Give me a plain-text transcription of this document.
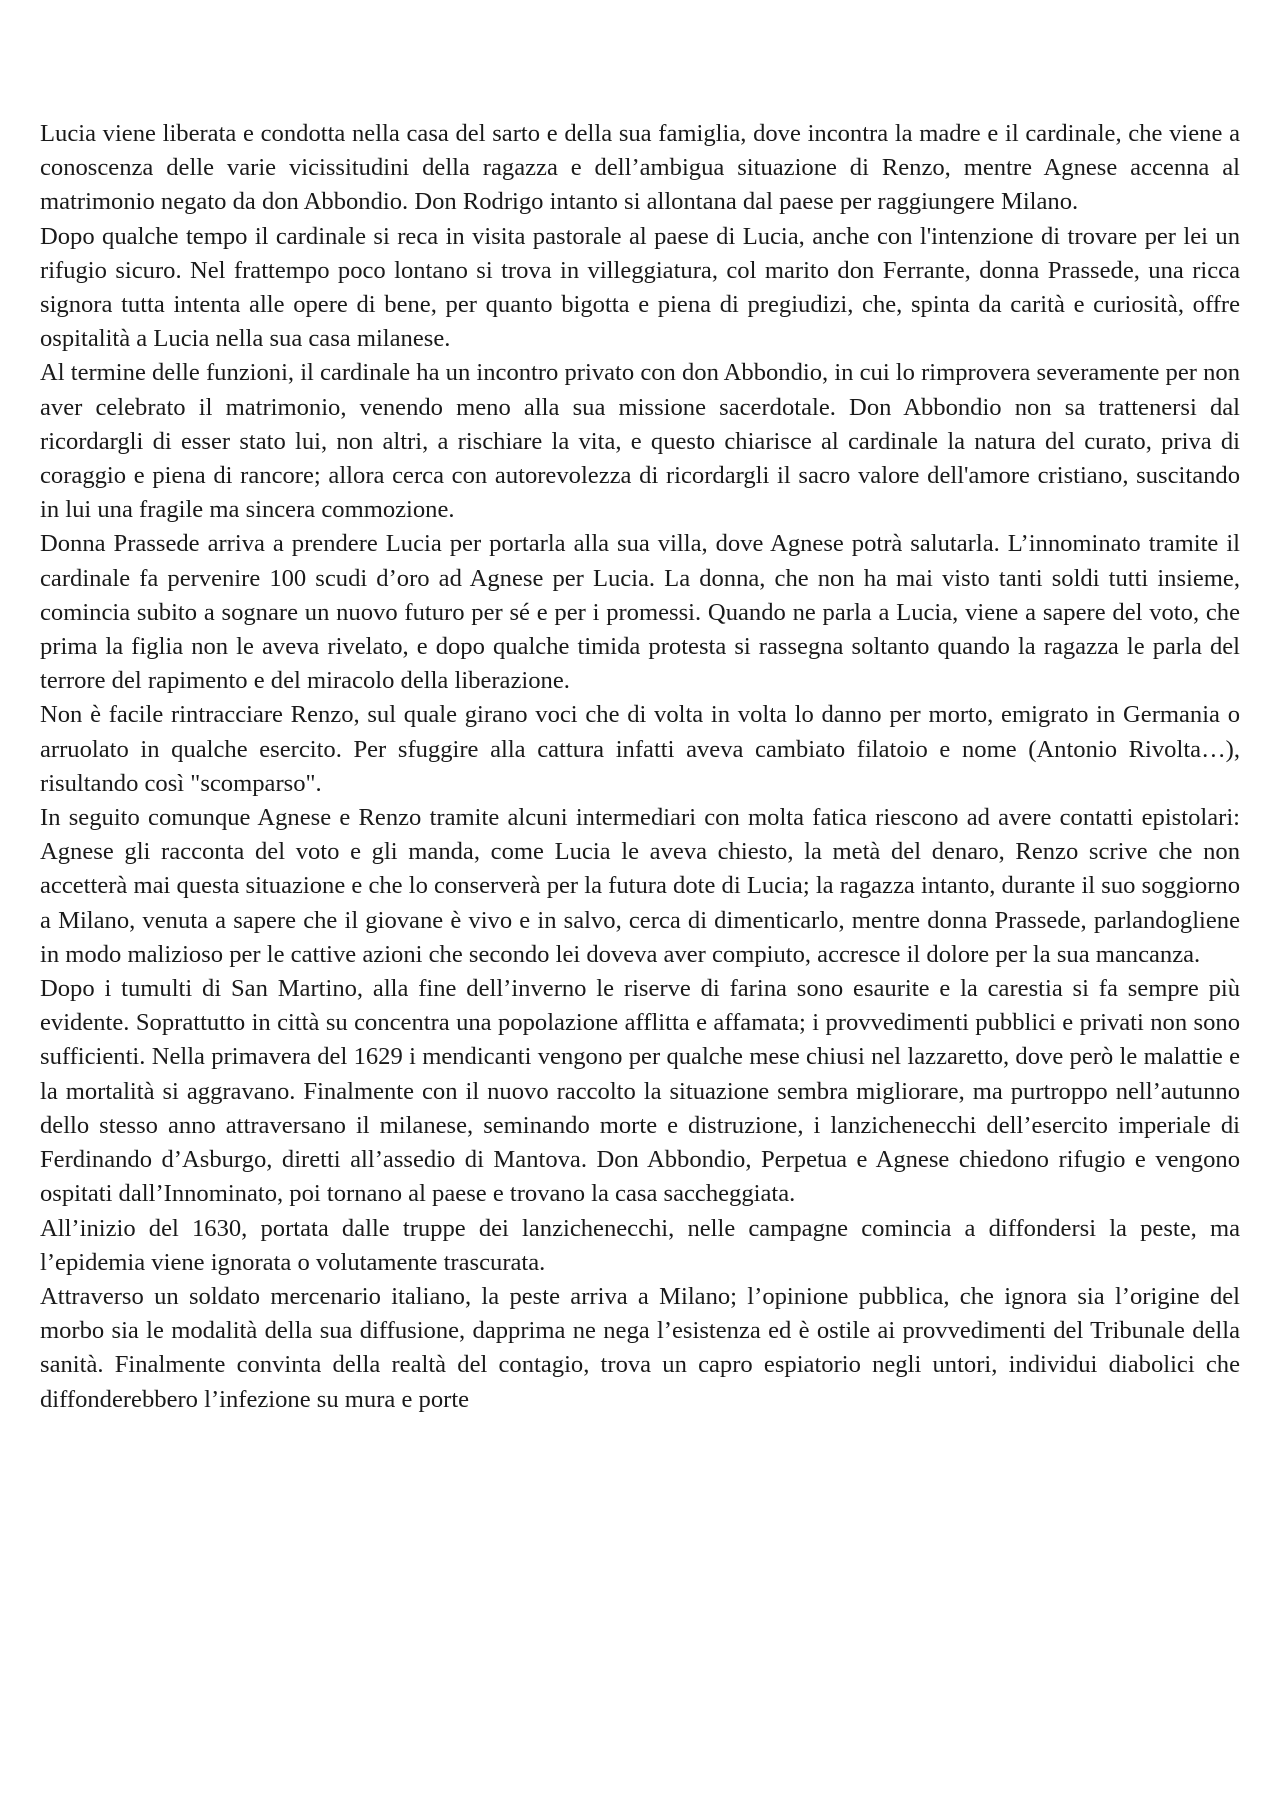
Lucia viene liberata e condotta nella casa del sarto e della sua famiglia, dove incontra la madre e il cardinale, che viene a conoscenza delle varie vicissitudini della ragazza e dell’ambigua situazione di Renzo, mentre Agnese accenna al matrimonio negato da don Abbondio. Don Rodrigo intanto si allontana dal paese per raggiungere Milano.

Dopo qualche tempo il cardinale si reca in visita pastorale al paese di Lucia, anche con l'intenzione di trovare per lei un rifugio sicuro. Nel frattempo poco lontano si trova in villeggiatura, col marito don Ferrante, donna Prassede, una ricca signora tutta intenta alle opere di bene, per quanto bigotta e piena di pregiudizi, che, spinta da carità e curiosità, offre ospitalità a Lucia nella sua casa milanese.

Al termine delle funzioni, il cardinale ha un incontro privato con don Abbondio, in cui lo rimprovera severamente per non aver celebrato il matrimonio, venendo meno alla sua missione sacerdotale. Don Abbondio non sa trattenersi dal ricordargli di esser stato lui, non altri, a rischiare la vita, e questo chiarisce al cardinale la natura del curato, priva di coraggio e piena di rancore; allora cerca con autorevolezza di ricordargli il sacro valore dell'amore cristiano, suscitando in lui una fragile ma sincera commozione.

Donna Prassede arriva a prendere Lucia per portarla alla sua villa, dove Agnese potrà salutarla. L’innominato tramite il cardinale fa pervenire 100 scudi d’oro ad Agnese per Lucia. La donna, che non ha mai visto tanti soldi tutti insieme, comincia subito a sognare un nuovo futuro per sé e per i promessi. Quando ne parla a Lucia, viene a sapere del voto, che prima la figlia non le aveva rivelato, e dopo qualche timida protesta si rassegna soltanto quando la ragazza le parla del terrore del rapimento e del miracolo della liberazione.

Non è facile rintracciare Renzo, sul quale girano voci che di volta in volta lo danno per morto, emigrato in Germania o arruolato in qualche esercito. Per sfuggire alla cattura infatti aveva cambiato filatoio e nome (Antonio Rivolta…), risultando così "scomparso".

In seguito comunque Agnese e Renzo tramite alcuni intermediari con molta fatica riescono ad avere contatti epistolari: Agnese gli racconta del voto e gli manda, come Lucia le aveva chiesto, la metà del denaro, Renzo scrive che non accetterà mai questa situazione e che lo conserverà per la futura dote di Lucia; la ragazza intanto, durante il suo soggiorno a Milano, venuta a sapere che il giovane è vivo e in salvo, cerca di dimenticarlo, mentre donna Prassede, parlandogliene in modo malizioso per le cattive azioni che secondo lei doveva aver compiuto, accresce il dolore per la sua mancanza.

Dopo i tumulti di San Martino, alla fine dell’inverno le riserve di farina sono esaurite e la carestia si fa sempre più evidente. Soprattutto in città su concentra una popolazione afflitta e affamata; i provvedimenti pubblici e privati non sono sufficienti. Nella primavera del 1629 i mendicanti vengono per qualche mese chiusi nel lazzaretto, dove però le malattie e la mortalità si aggravano. Finalmente con il nuovo raccolto la situazione sembra migliorare, ma purtroppo nell’autunno dello stesso anno attraversano il milanese, seminando morte e distruzione, i lanzichenecchi dell’esercito imperiale di Ferdinando d’Asburgo, diretti all’assedio di Mantova. Don Abbondio, Perpetua e Agnese chiedono rifugio e vengono ospitati dall’Innominato, poi tornano al paese e trovano la casa saccheggiata.

All’inizio del 1630, portata dalle truppe dei lanzichenecchi, nelle campagne comincia a diffondersi la peste, ma l’epidemia viene ignorata o volutamente trascurata.

Attraverso un soldato mercenario italiano, la peste arriva a Milano; l’opinione pubblica, che ignora sia l’origine del morbo sia le modalità della sua diffusione, dapprima ne nega l’esistenza ed è ostile ai provvedimenti del Tribunale della sanità. Finalmente convinta della realtà del contagio, trova un capro espiatorio negli untori, individui diabolici che diffonderebbero l’infezione su mura e porte
